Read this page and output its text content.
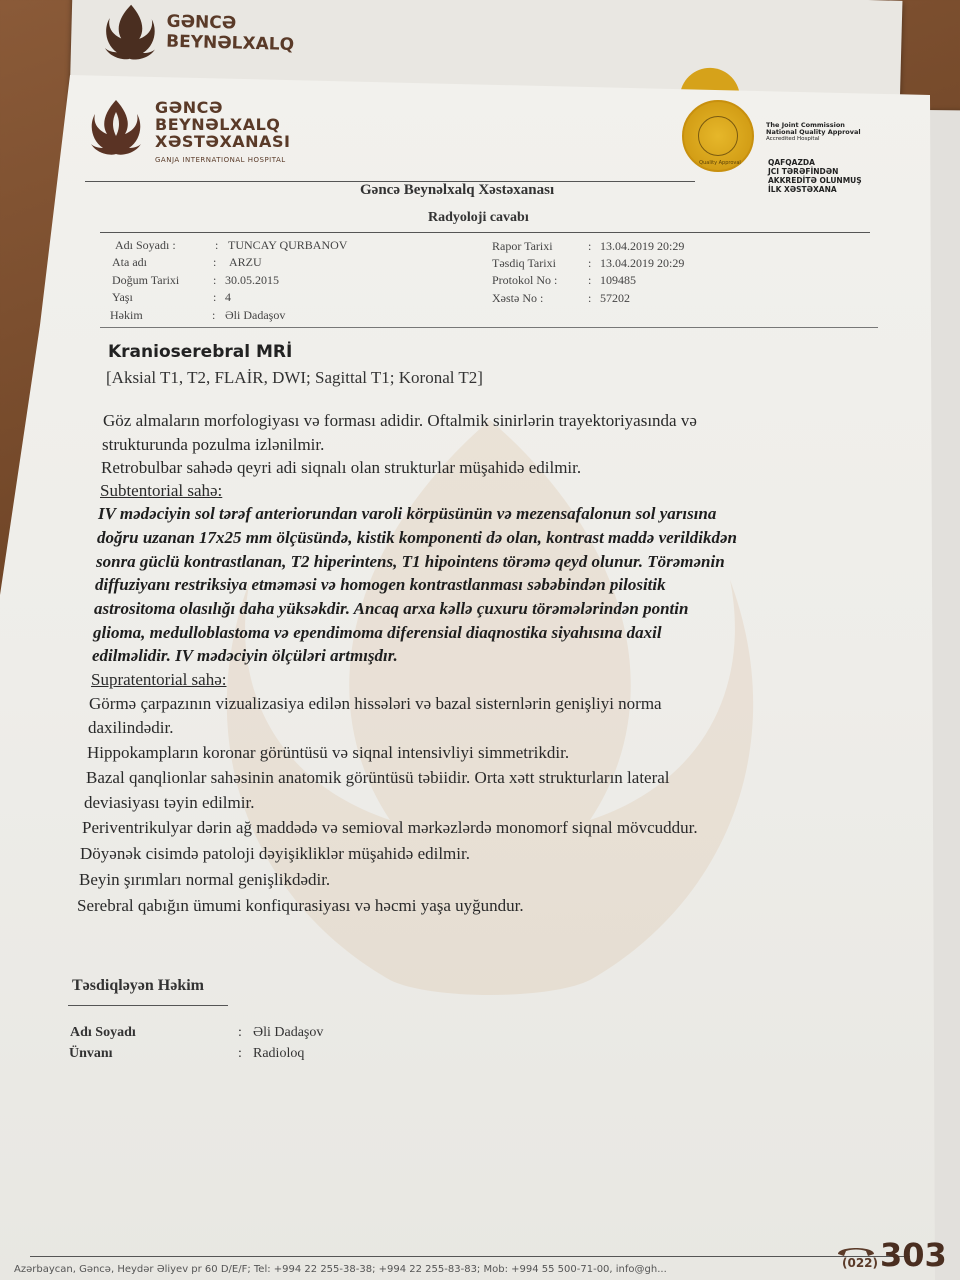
GƏNCƏ
BEYNƏLXALQ
GƏNCƏ
BEYNƏLXALQ
XƏSTƏXANASI
GANJA INTERNATIONAL HOSPITAL	Quality Approval
The Joint Commission
National Quality Approval
Accredited Hospital
QAFQAZDA
JCI TƏRƏFİNDƏN
AKKREDİTƏ OLUNMUŞ
İLK XƏSTƏXANA
Gəncə Beynəlxalq Xəstəxanası
Radyoloji cavabı
Adı Soyadı :	: TUNCAY QURBANOV
Ata adı	: ARZU
Doğum Tarixi	: 30.05.2015
Yaşı	: 4
Həkim	: Əli Dadaşov
Rapor Tarixi	: 13.04.2019 20:29
Təsdiq Tarixi	: 13.04.2019 20:29
Protokol No :	: 109485
Xəstə No :	: 57202
Kranioserebral MRİ
[Aksial T1, T2, FLAİR, DWI; Sagittal T1; Koronal T2]
Göz almaların morfologiyası və forması adidir. Oftalmik sinirlərin trayektoriyasında və
strukturunda pozulma izlənilmir.
Retrobulbar sahədə qeyri adi siqnalı olan strukturlar müşahidə edilmir.
Subtentorial sahə:
IV mədəciyin sol tərəf anteriorundan varoli körpüsünün və mezensafalonun sol yarısına
doğru uzanan 17x25 mm ölçüsündə, kistik komponenti də olan, kontrast maddə verildikdən
sonra güclü kontrastlanan, T2 hiperintens, T1 hipointens törəmə qeyd olunur. Törəmənin
diffuziyanı restriksiya etməməsi və homogen kontrastlanması səbəbindən pilositik
astrositoma olasılığı daha yüksəkdir. Ancaq arxa kəllə çuxuru törəmələrindən pontin
glioma, medulloblastoma və ependimoma diferensial diaqnostika siyahısına daxil
edilməlidir. IV mədəciyin ölçüləri artmışdır.
Supratentorial sahə:
Görmə çarpazının vizualizasiya edilən hissələri və bazal sisternlərin genişliyi norma
daxilindədir.
Hippokampların koronar görüntüsü və siqnal intensivliyi simmetrikdir.
Bazal qanqlionlar sahəsinin anatomik görüntüsü təbiidir. Orta xətt strukturların lateral
deviasiyası təyin edilmir.
Periventrikulyar dərin ağ maddədə və semioval mərkəzlərdə monomorf siqnal mövcuddur.
Döyənək cisimdə patoloji dəyişikliklər müşahidə edilmir.
Beyin şırımları normal genişlikdədir.
Serebral qabığın ümumi konfiqurasiyası və həcmi yaşa uyğundur.
Təsdiqləyən Həkim
Adı Soyadı	: Əli Dadaşov
Ünvanı	: Radioloq
Azərbaycan, Gəncə, Heydər Əliyev pr 60 D/E/F; Tel: +994 22 255-38-38; +994 22 255-83-83; Mob: +994 55 500-71-00, info@gh...	(022) 303
